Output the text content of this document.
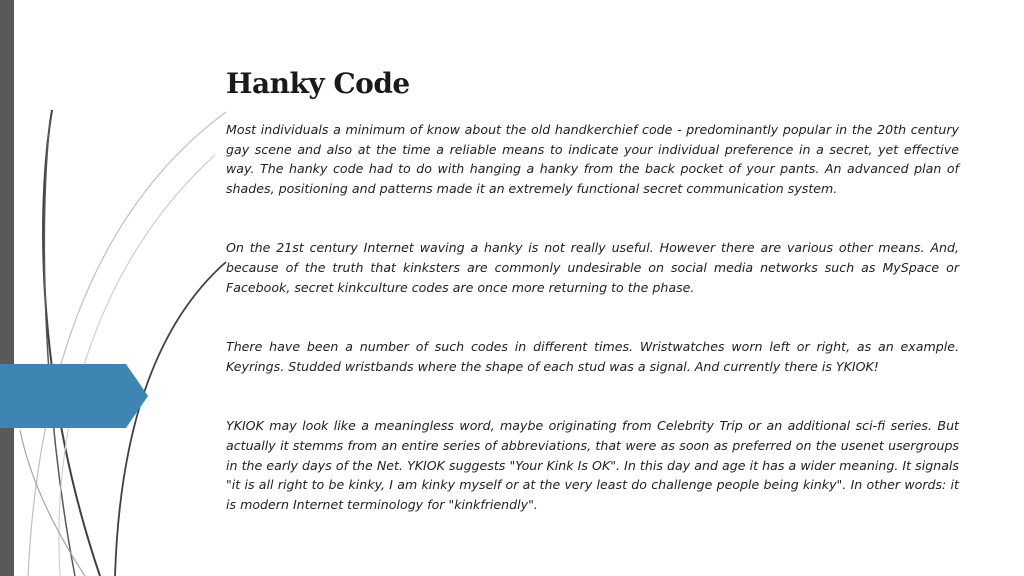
Hanky Code

Most individuals a minimum of know about the old handkerchief code - predominantly popular in the 20th century gay scene and also at the time a reliable means to indicate your individual preference in a secret, yet effective way. The hanky code had to do with hanging a hanky from the back pocket of your pants. An advanced plan of shades, positioning and patterns made it an extremely functional secret communication system.

On the 21st century Internet waving a hanky is not really useful. However there are various other means. And, because of the truth that kinksters are commonly undesirable on social media networks such as MySpace or Facebook, secret kinkculture codes are once more returning to the phase.

There have been a number of such codes in different times. Wristwatches worn left or right, as an example. Keyrings. Studded wristbands where the shape of each stud was a signal. And currently there is YKIOK!

YKIOK may look like a meaningless word, maybe originating from Celebrity Trip or an additional sci-fi series. But actually it stemms from an entire series of abbreviations, that were as soon as preferred on the usenet usergroups in the early days of the Net. YKIOK suggests "Your Kink Is OK". In this day and age it has a wider meaning. It signals "it is all right to be kinky, I am kinky myself or at the very least do challenge people being kinky". In other words: it is modern Internet terminology for "kinkfriendly".
